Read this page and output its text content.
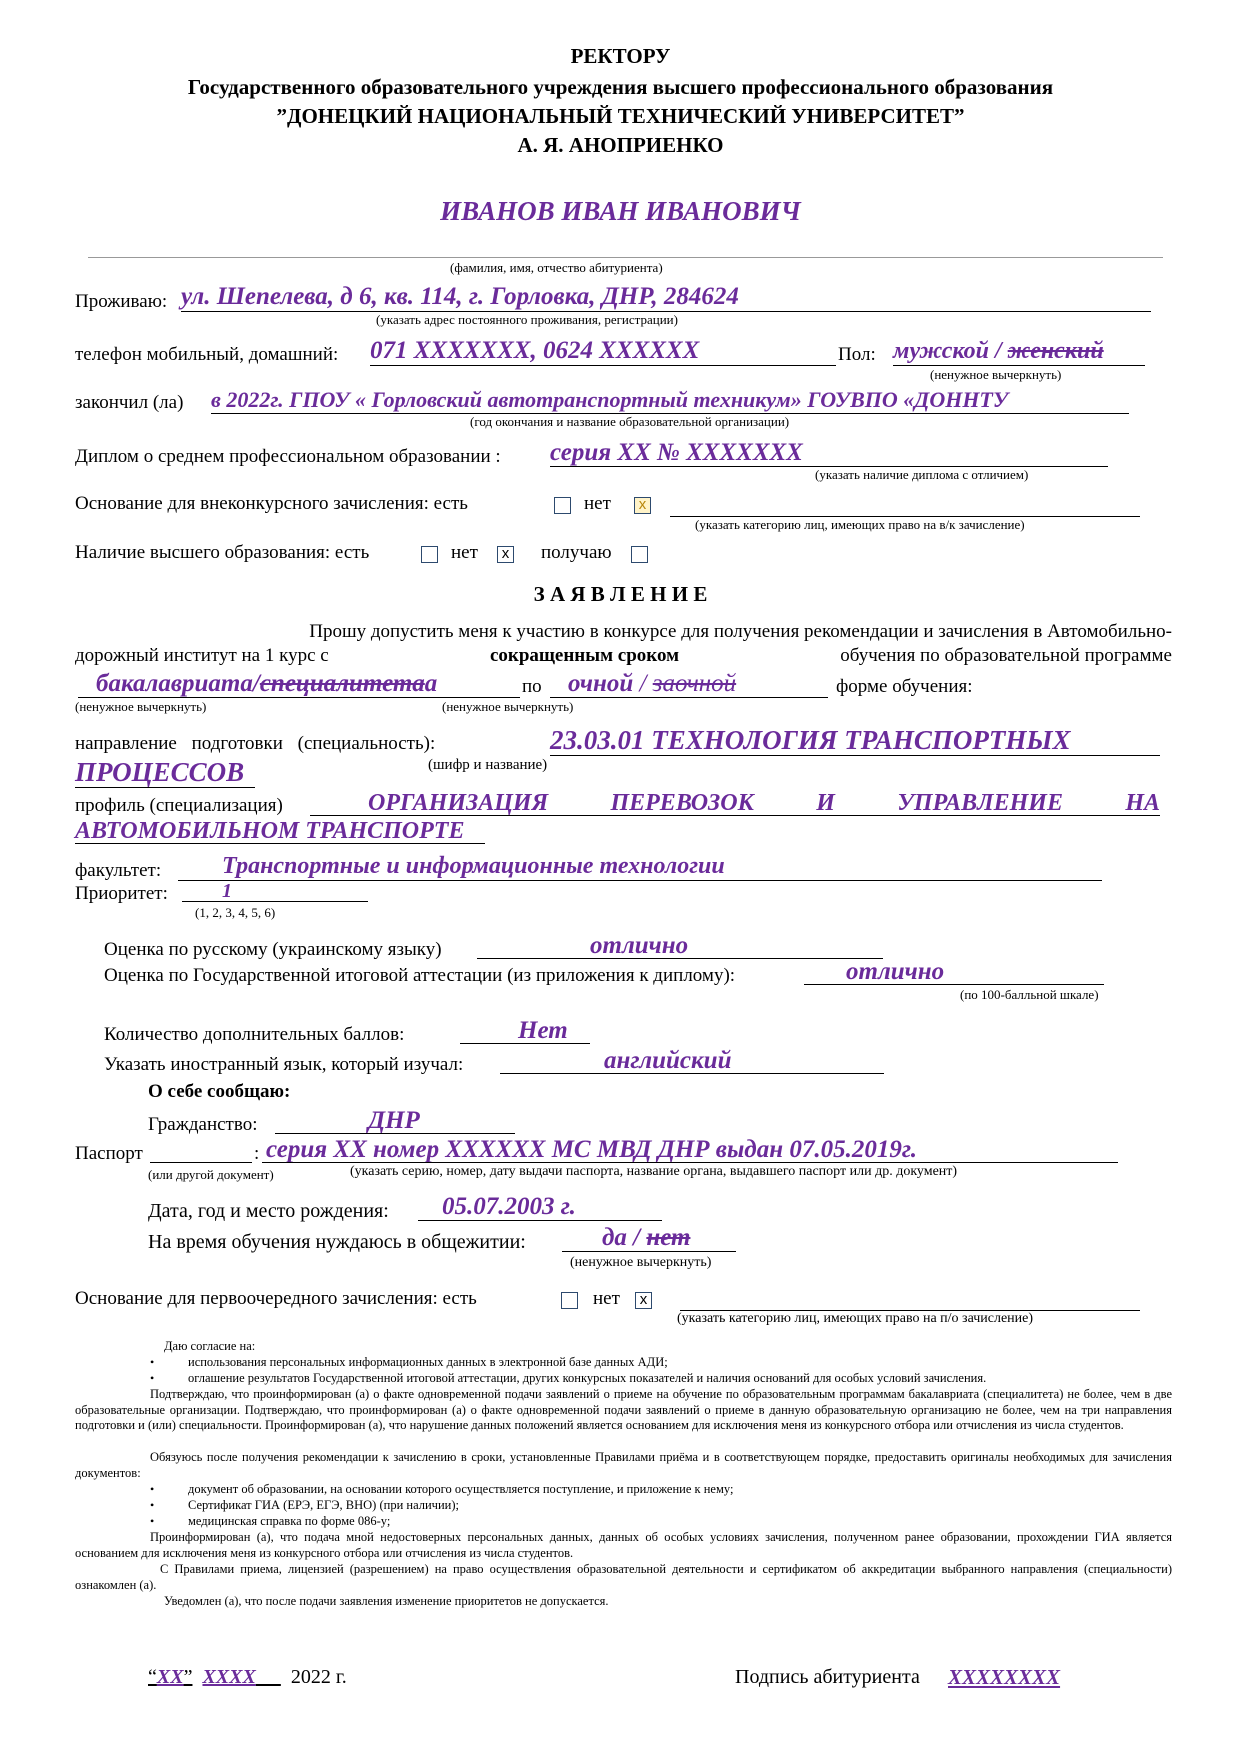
РЕКТОРУ
Государственного образовательного учреждения высшего профессионального образования
”ДОНЕЦКИЙ НАЦИОНАЛЬНЫЙ ТЕХНИЧЕСКИЙ УНИВЕРСИТЕТ”
А. Я. АНОПРИЕНКО
ИВАНОВ ИВАН ИВАНОВИЧ
(фамилия, имя, отчество абитуриента)
Проживаю: ул. Шепелева, д 6, кв. 114, г. Горловка, ДНР, 284624
(указать адрес постоянного проживания, регистрации)
телефон мобильный, домашний: 071 XXXXXXX, 0624 XXXXXX	Пол: мужской / женский
(ненужное вычеркнуть)
закончил (ла) в 2022г. ГПОУ « Горловский автотранспортный техникум» ГОУВПО «ДОННТУ
(год окончания и название образовательной организации)
Диплом о среднем профессиональном образовании : серия XX № XXXXXXX
(указать наличие диплома с отличием)
Основание для внеконкурсного зачисления: есть	нет	x
(указать категорию лиц, имеющих право на в/к зачисление)
Наличие высшего образования: есть	нет	x получаю
З А Я В Л Е Н И Е
Прошу допустить меня к участию в конкурсе для получения рекомендации и зачисления в Автомобильно-
дорожный институт на 1 курс с	сокращенным сроком	обучения по образовательной программе
бакалавриата/специалитетаа	по очной / заочной	форме обучения:
(ненужное вычеркнуть)	(ненужное вычеркнуть)
направление подготовки (специальность):	23.03.01 ТЕХНОЛОГИЯ ТРАНСПОРТНЫХ
ПРОЦЕССОВ	(шифр и название)
профиль (специализация)	ОРГАНИЗАЦИЯ ПЕРЕВОЗОК И УПРАВЛЕНИЕ НА
АВТОМОБИЛЬНОМ ТРАНСПОРТЕ
факультет:	Транспортные и информационные технологии
Приоритет:	1
(1, 2, 3, 4, 5, 6)
Оценка по русскому (украинскому языку)	отлично
Оценка по Государственной итоговой аттестации (из приложения к диплому):	отлично
(по 100-балльной шкале)
Количество дополнительных баллов:	Нет
Указать иностранный язык, который изучал:	английский
О себе сообщаю:
Гражданство:	ДНР
Паспорт	: серия XX номер XXXXXX МС МВД ДНР выдан 07.05.2019г.
(или другой документ)	(указать серию, номер, дату выдачи паспорта, название органа, выдавшего паспорт или др. документ)
Дата, год и место рождения: 05.07.2003 г.
На время обучения нуждаюсь в общежитии:	да / нет
(ненужное вычеркнуть)
Основание для первоочередного зачисления: есть	нет	x
(указать категорию лиц, имеющих право на п/о зачисление)
Даю согласие на:
•	использования персональных информационных данных в электронной базе данных АДИ;
•	оглашение результатов Государственной итоговой аттестации, других конкурсных показателей и наличия оснований для особых условий зачисления.
Подтверждаю, что проинформирован (а) о факте одновременной подачи заявлений о приеме на обучение по образовательным программам бакалавриата (специалитета) не более, чем в две образовательные организации. Подтверждаю, что проинформирован (а) о факте одновременной подачи заявлений о приеме в данную образовательную организацию не более, чем на три направления подготовки и (или) специальности. Проинформирован (а), что нарушение данных положений является основанием для исключения меня из конкурсного отбора или отчисления из числа студентов.
Обязуюсь после получения рекомендации к зачислению в сроки, установленные Правилами приёма и в соответствующем порядке, предоставить оригиналы необходимых для зачисления документов:
•	документ об образовании, на основании которого осуществляется поступление, и приложение к нему;
•	Сертификат ГИА (ЕРЭ, ЕГЭ, ВНО) (при наличии);
•	медицинская справка по форме 086-у;
Проинформирован (а), что подача мной недостоверных персональных данных, данных об особых условиях зачисления, полученном ранее образовании, прохождении ГИА является основанием для исключения меня из конкурсного отбора или отчисления из числа студентов.
С Правилами приема, лицензией (разрешением) на право осуществления образовательной деятельности и сертификатом об аккредитации выбранного направления (специальности) ознакомлен (а).
Уведомлен (а), что после подачи заявления изменение приоритетов не допускается.
“XX” XXXX 2022 г.	Подпись абитуриента XXXXXXXX
